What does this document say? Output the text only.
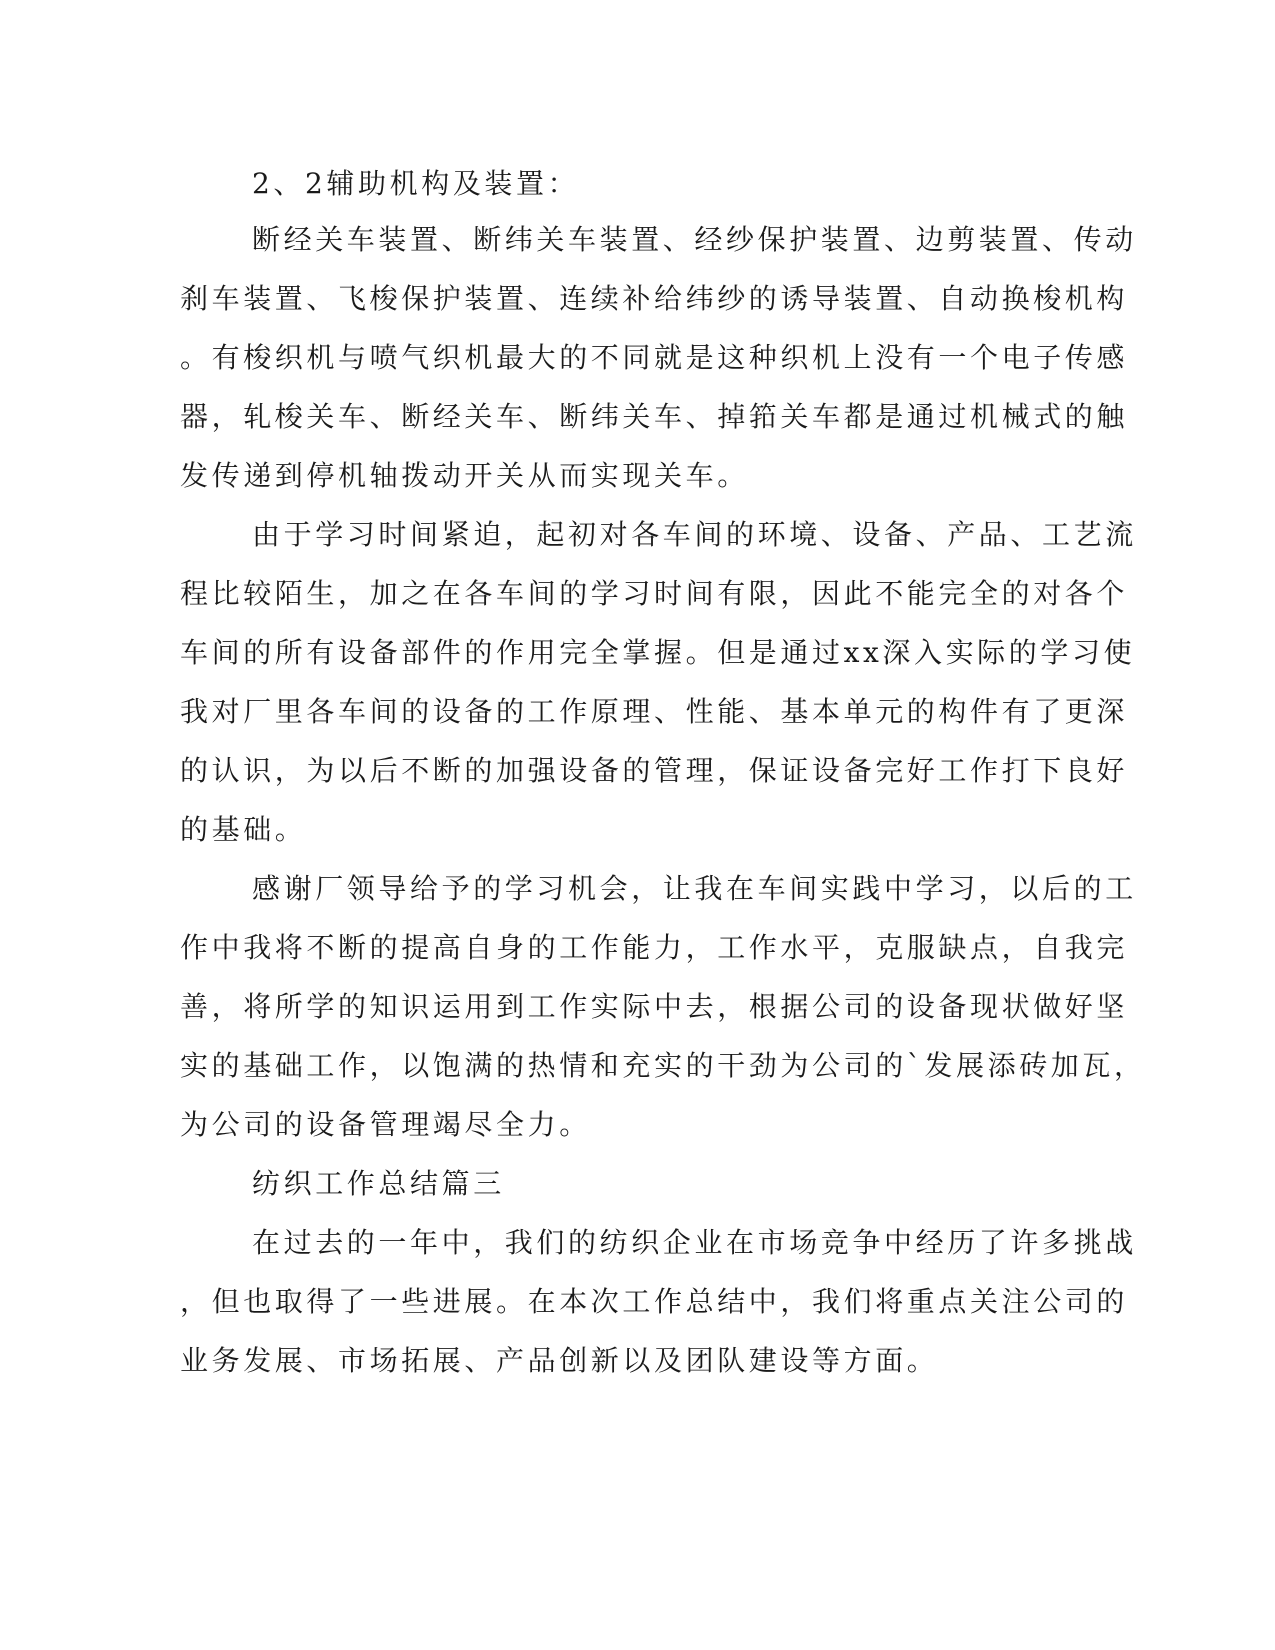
2、2辅助机构及装置：
断经关车装置、断纬关车装置、经纱保护装置、边剪装置、传动
刹车装置、飞梭保护装置、连续补给纬纱的诱导装置、自动换梭机构
。有梭织机与喷气织机最大的不同就是这种织机上没有一个电子传感
器，轧梭关车、断经关车、断纬关车、掉筘关车都是通过机械式的触
发传递到停机轴拨动开关从而实现关车。
由于学习时间紧迫，起初对各车间的环境、设备、产品、工艺流
程比较陌生，加之在各车间的学习时间有限，因此不能完全的对各个
车间的所有设备部件的作用完全掌握。但是通过xx深入实际的学习使
我对厂里各车间的设备的工作原理、性能、基本单元的构件有了更深
的认识，为以后不断的加强设备的管理，保证设备完好工作打下良好
的基础。
感谢厂领导给予的学习机会，让我在车间实践中学习，以后的工
作中我将不断的提高自身的工作能力，工作水平，克服缺点，自我完
善，将所学的知识运用到工作实际中去，根据公司的设备现状做好坚
实的基础工作，以饱满的热情和充实的干劲为公司的`发展添砖加瓦，
为公司的设备管理竭尽全力。
纺织工作总结篇三
在过去的一年中，我们的纺织企业在市场竞争中经历了许多挑战
，但也取得了一些进展。在本次工作总结中，我们将重点关注公司的
业务发展、市场拓展、产品创新以及团队建设等方面。
